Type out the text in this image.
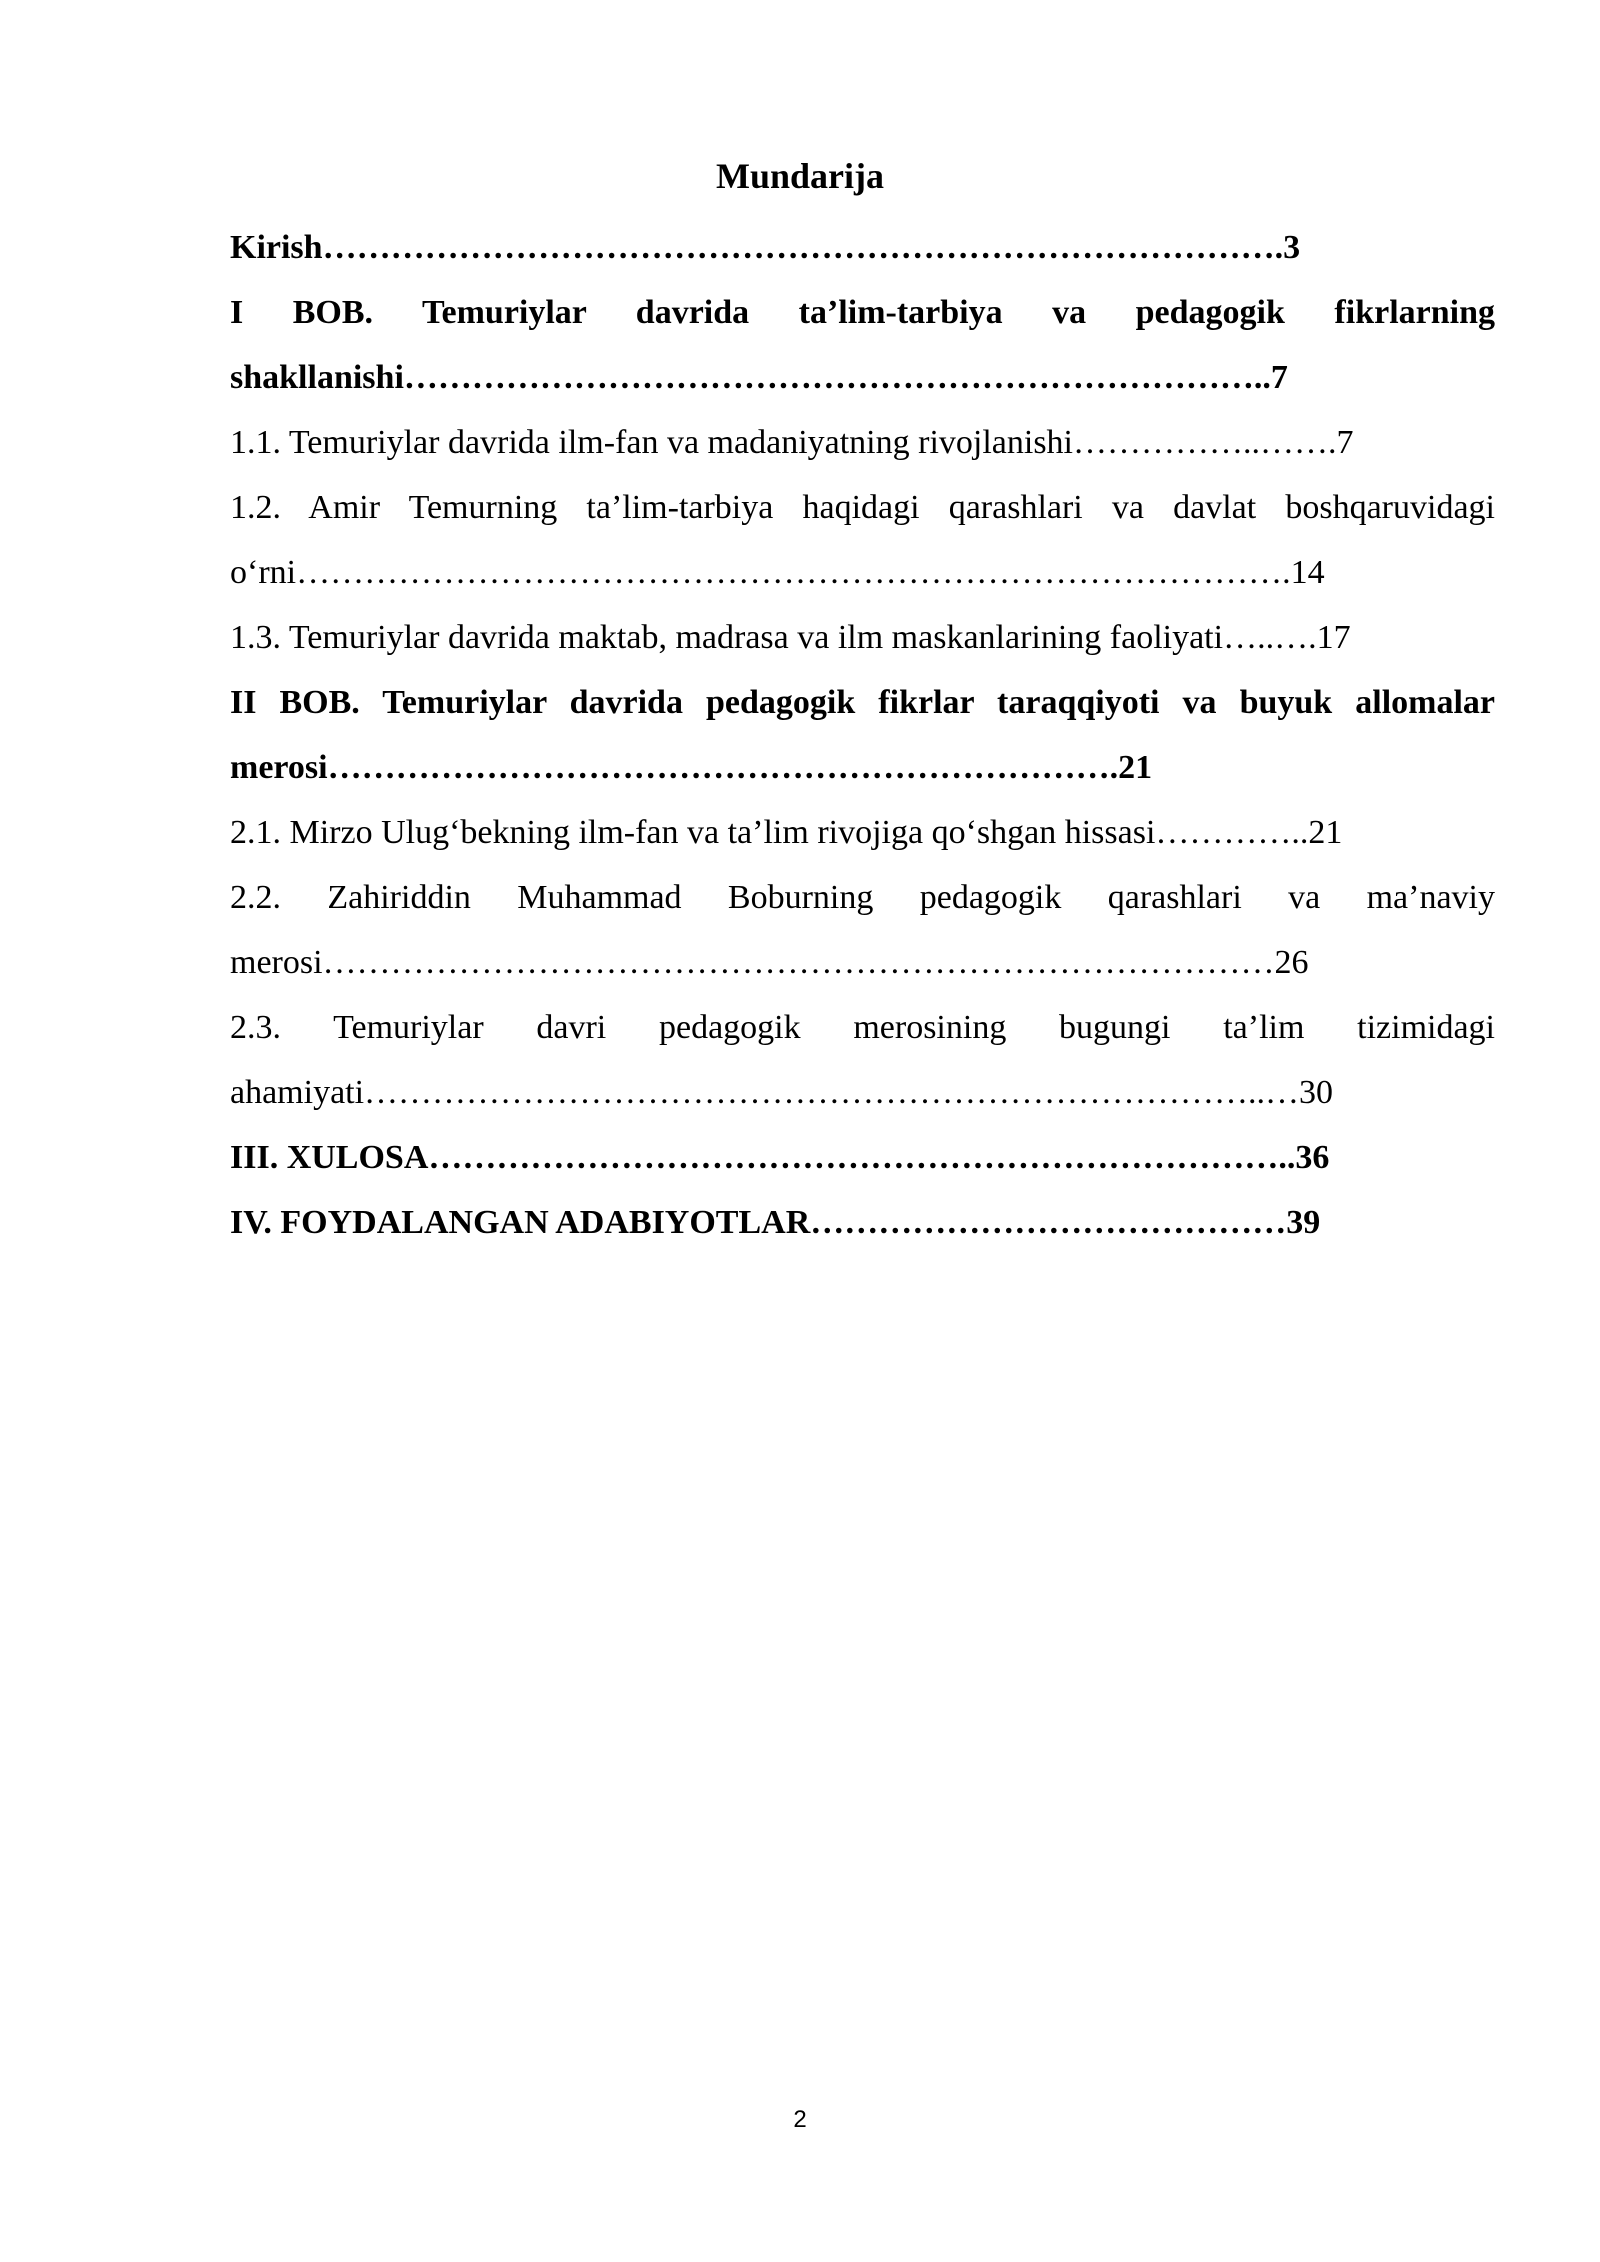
Mundarija
Kirish………………………………………………………………………….3
I BOB. Temuriylar davrida ta’lim-tarbiya va pedagogik fikrlarning
shakllanishi…………………………………………………………………..7
1.1. Temuriylar davrida ilm-fan va madaniyatning rivojlanishi……………..…….7
1.2. Amir Temurning ta’lim-tarbiya haqidagi qarashlari va davlat boshqaruvidagi
o‘rni…………………………………………………………………………….14
1.3. Temuriylar davrida maktab, madrasa va ilm maskanlarining faoliyati…..….17
II BOB. Temuriylar davrida pedagogik fikrlar taraqqiyoti va buyuk allomalar
merosi…………………………………………………………….21
2.1. Mirzo Ulug‘bekning ilm-fan va ta’lim rivojiga qo‘shgan hissasi…………..21
2.2. Zahiriddin Muhammad Boburning pedagogik qarashlari va ma’naviy
merosi…………………………………………………………………………26
2.3. Temuriylar davri pedagogik merosining bugungi ta’lim tizimidagi
ahamiyati……………………………………………………………………..…30
III. XULOSA…………………………………………………………………..36
IV. FOYDALANGAN ADABIYOTLAR……………………………………39
2
